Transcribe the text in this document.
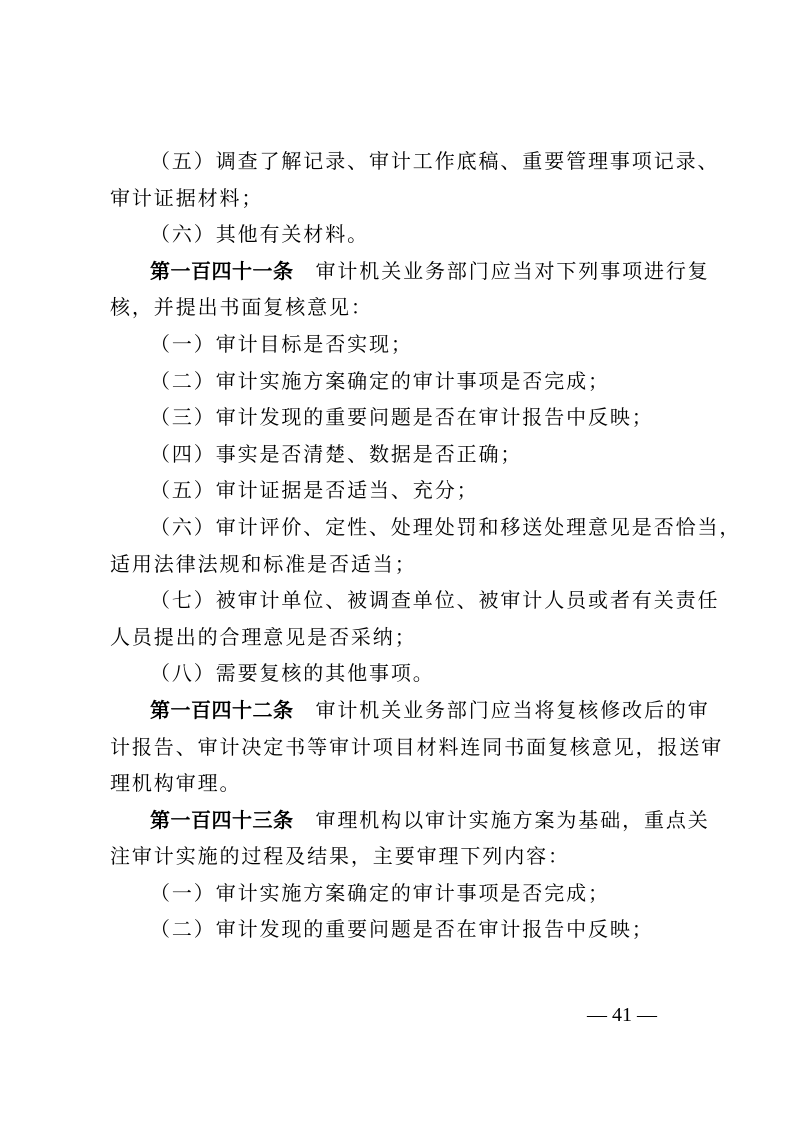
（五）调查了解记录、审计工作底稿、重要管理事项记录、
审计证据材料；
（六）其他有关材料。
第一百四十一条 审计机关业务部门应当对下列事项进行复
核，并提出书面复核意见：
（一）审计目标是否实现；
（二）审计实施方案确定的审计事项是否完成；
（三）审计发现的重要问题是否在审计报告中反映；
（四）事实是否清楚、数据是否正确；
（五）审计证据是否适当、充分；
（六）审计评价、定性、处理处罚和移送处理意见是否恰当，
适用法律法规和标准是否适当；
（七）被审计单位、被调查单位、被审计人员或者有关责任
人员提出的合理意见是否采纳；
（八）需要复核的其他事项。
第一百四十二条 审计机关业务部门应当将复核修改后的审
计报告、审计决定书等审计项目材料连同书面复核意见，报送审
理机构审理。
第一百四十三条 审理机构以审计实施方案为基础，重点关
注审计实施的过程及结果，主要审理下列内容：
（一）审计实施方案确定的审计事项是否完成；
（二）审计发现的重要问题是否在审计报告中反映；
— 41 —
